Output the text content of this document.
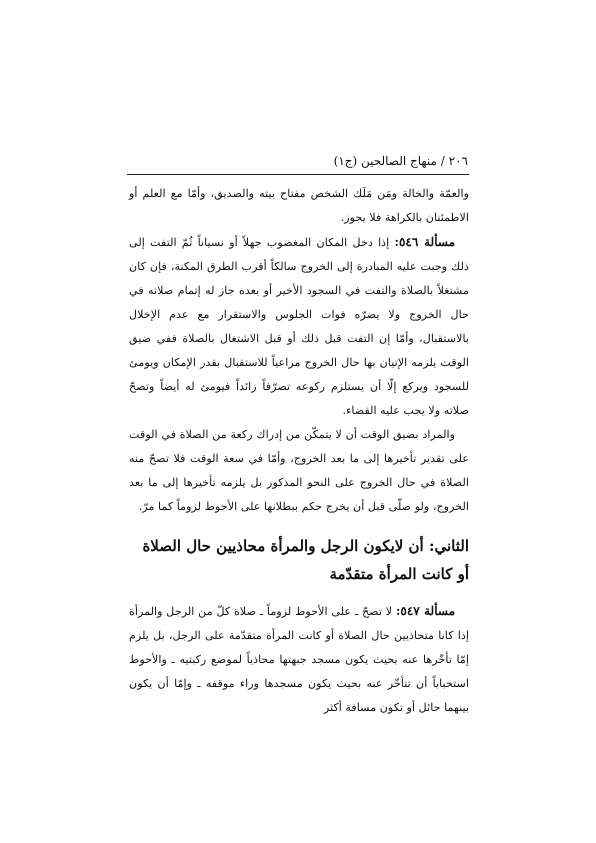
٢٠٦ / منهاج الصالحين (ج١)

والعمّة والخالة ومَن مَلَك الشخص مفتاح بيته والصديق، وأمّا مع العلم أو الاطمئنان بالكراهة فلا يجوز.

مسألة ٥٤٦: إذا دخل المكان المغصوب جهلاً أو نسياناً ثُمّ التفت إلى ذلك وجبت عليه المبادرة إلى الخروج سالكاً أقرب الطرق المكنة، فإن كان مشتغلاً بالصلاة والتفت في السجود الأخير أو بعده جاز له إتمام صلاته في حال الخروج ولا يضرّه فوات الجلوس والاستقرار مع عدم الإخلال بالاستقبال، وأمّا إن التفت قبل ذلك أو قبل الاشتغال بالصلاة ففي ضيق الوقت يلزمه الإتيان بها حال الخروج مراعياً للاستقبال بقدر الإمكان ويومئ للسجود ويركع إلّا أن يستلزم ركوعه تصرّفاً زائداً فيومئ له أيضاً وتصحّ صلاته ولا يجب عليه القضاء.

والمراد بضيق الوقت أن لا يتمكّن من إدراك ركعة من الصلاة في الوقت على تقدير تأخيرها إلى ما بعد الخروج، وأمّا في سعة الوقت فلا تصحّ منه الصلاة في حال الخروج على النحو المذكور بل يلزمه تأخيرها إلى ما بعد الخروج، ولو صلّى قبل أن يخرج حكم ببطلانها على الأحوط لزوماً كما مرّ.

الثاني: أن لايكون الرجل والمرأة محاذيين حال الصلاة

أو كانت المرأة متقدّمة

مسألة ٥٤٧: لا تصحّ ـ على الأحوط لزوماً ـ صلاة كلّ من الرجل والمرأة إذا كانا متحاذيين حال الصلاة أو كانت المرأة متقدّمة على الرجل، بل يلزم إمّا تأخّرها عنه بحيث يكون مسجد جبهتها محاذياً لموضع ركبتيه ـ والأحوط استحباباً أن تتأخّر عنه بحيث يكون مسجدها وراء موقفه ـ وإمّا أن يكون بينهما حائل أو تكون مسافة أكثر
